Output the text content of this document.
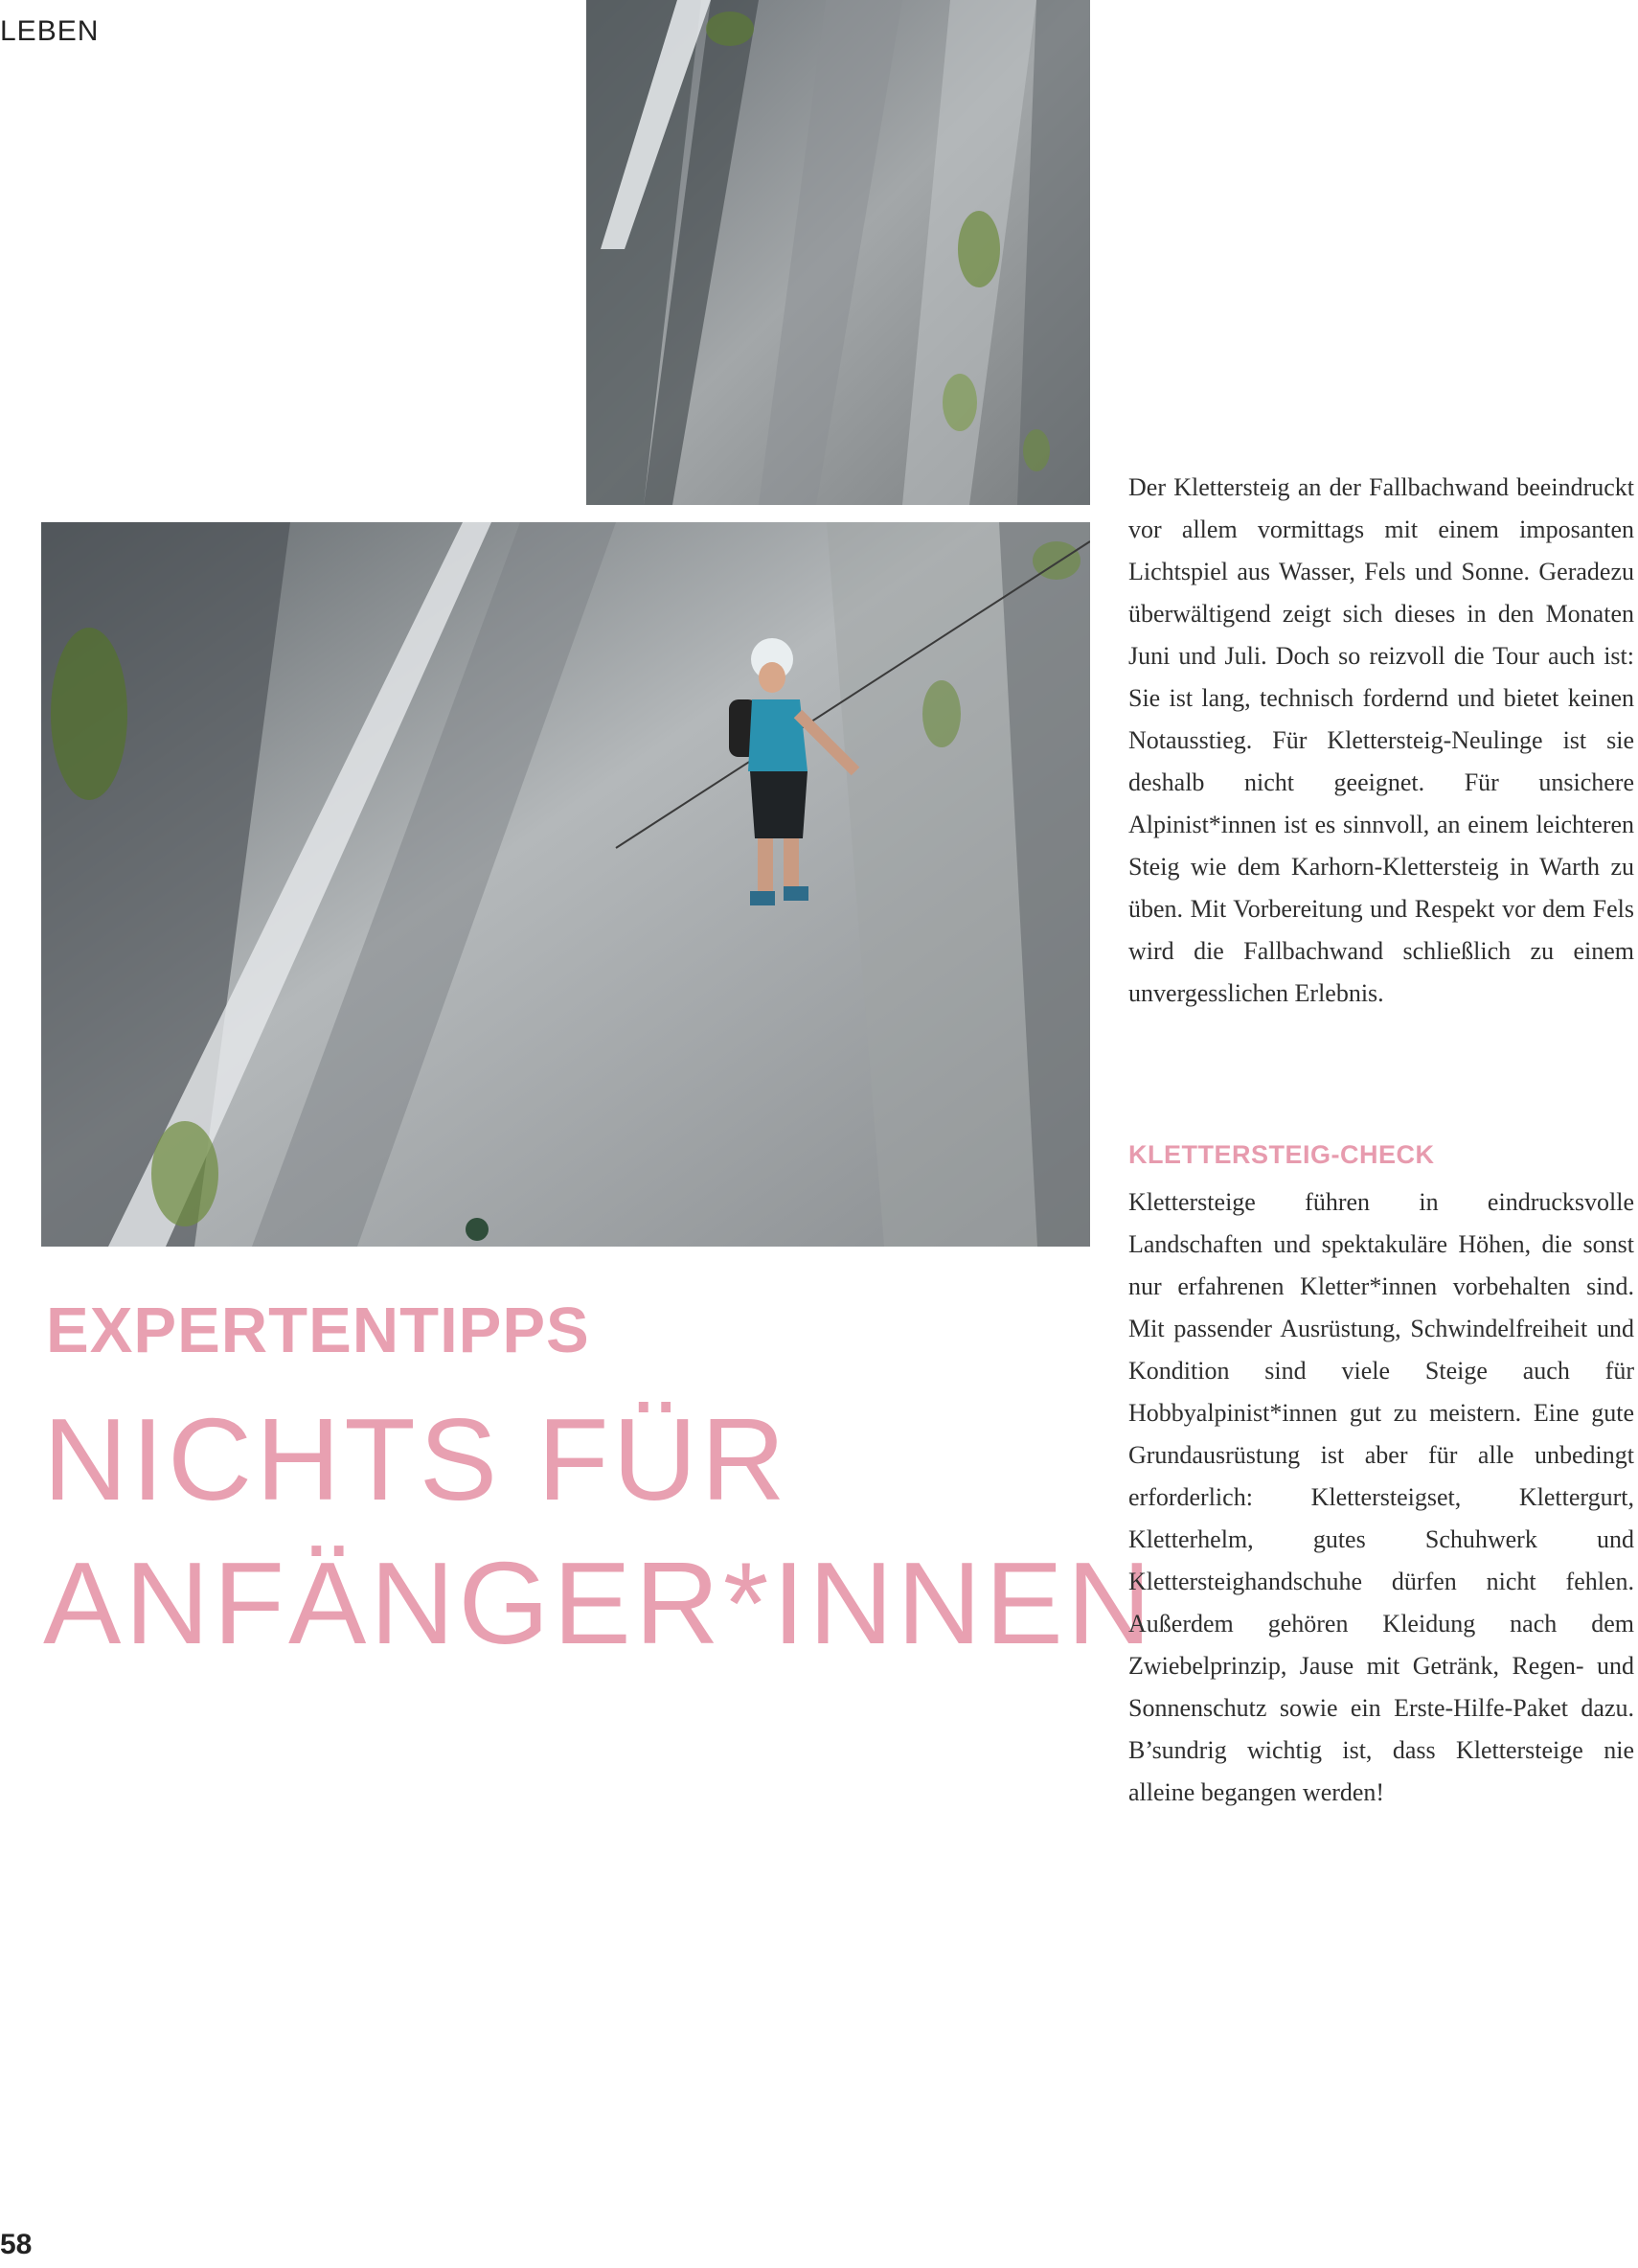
LEBEN
EXPERTENTIPPS
NICHTS FÜR
ANFÄNGER*INNEN
Der Klettersteig an der Fallbachwand beeindruckt vor allem vormittags mit einem imposanten Lichtspiel aus Wasser, Fels und Sonne. Geradezu überwältigend zeigt sich dieses in den Monaten Juni und Juli. Doch so reizvoll die Tour auch ist: Sie ist lang, technisch fordernd und bietet keinen Notausstieg. Für Klettersteig-Neulinge ist sie deshalb nicht geeignet. Für unsichere Alpinist*innen ist es sinnvoll, an einem leichteren Steig wie dem Karhorn-Klettersteig in Warth zu üben. Mit Vorbereitung und Respekt vor dem Fels wird die Fallbachwand schließlich zu einem unvergesslichen Erlebnis.
KLETTERSTEIG-CHECK
Klettersteige führen in eindrucksvolle Landschaften und spektakuläre Höhen, die sonst nur erfahrenen Kletter*innen vorbehalten sind. Mit passender Ausrüstung, Schwindelfreiheit und Kondition sind viele Steige auch für Hobbyalpinist*innen gut zu meistern. Eine gute Grundausrüstung ist aber für alle unbedingt erforderlich: Klettersteigset, Klettergurt, Kletterhelm, gutes Schuhwerk und Klettersteighandschuhe dürfen nicht fehlen. Außerdem gehören Kleidung nach dem Zwiebelprinzip, Jause mit Getränk, Regen- und Sonnenschutz sowie ein Erste-Hilfe-Paket dazu. B’sundrig wichtig ist, dass Klettersteige nie alleine begangen werden!
58
